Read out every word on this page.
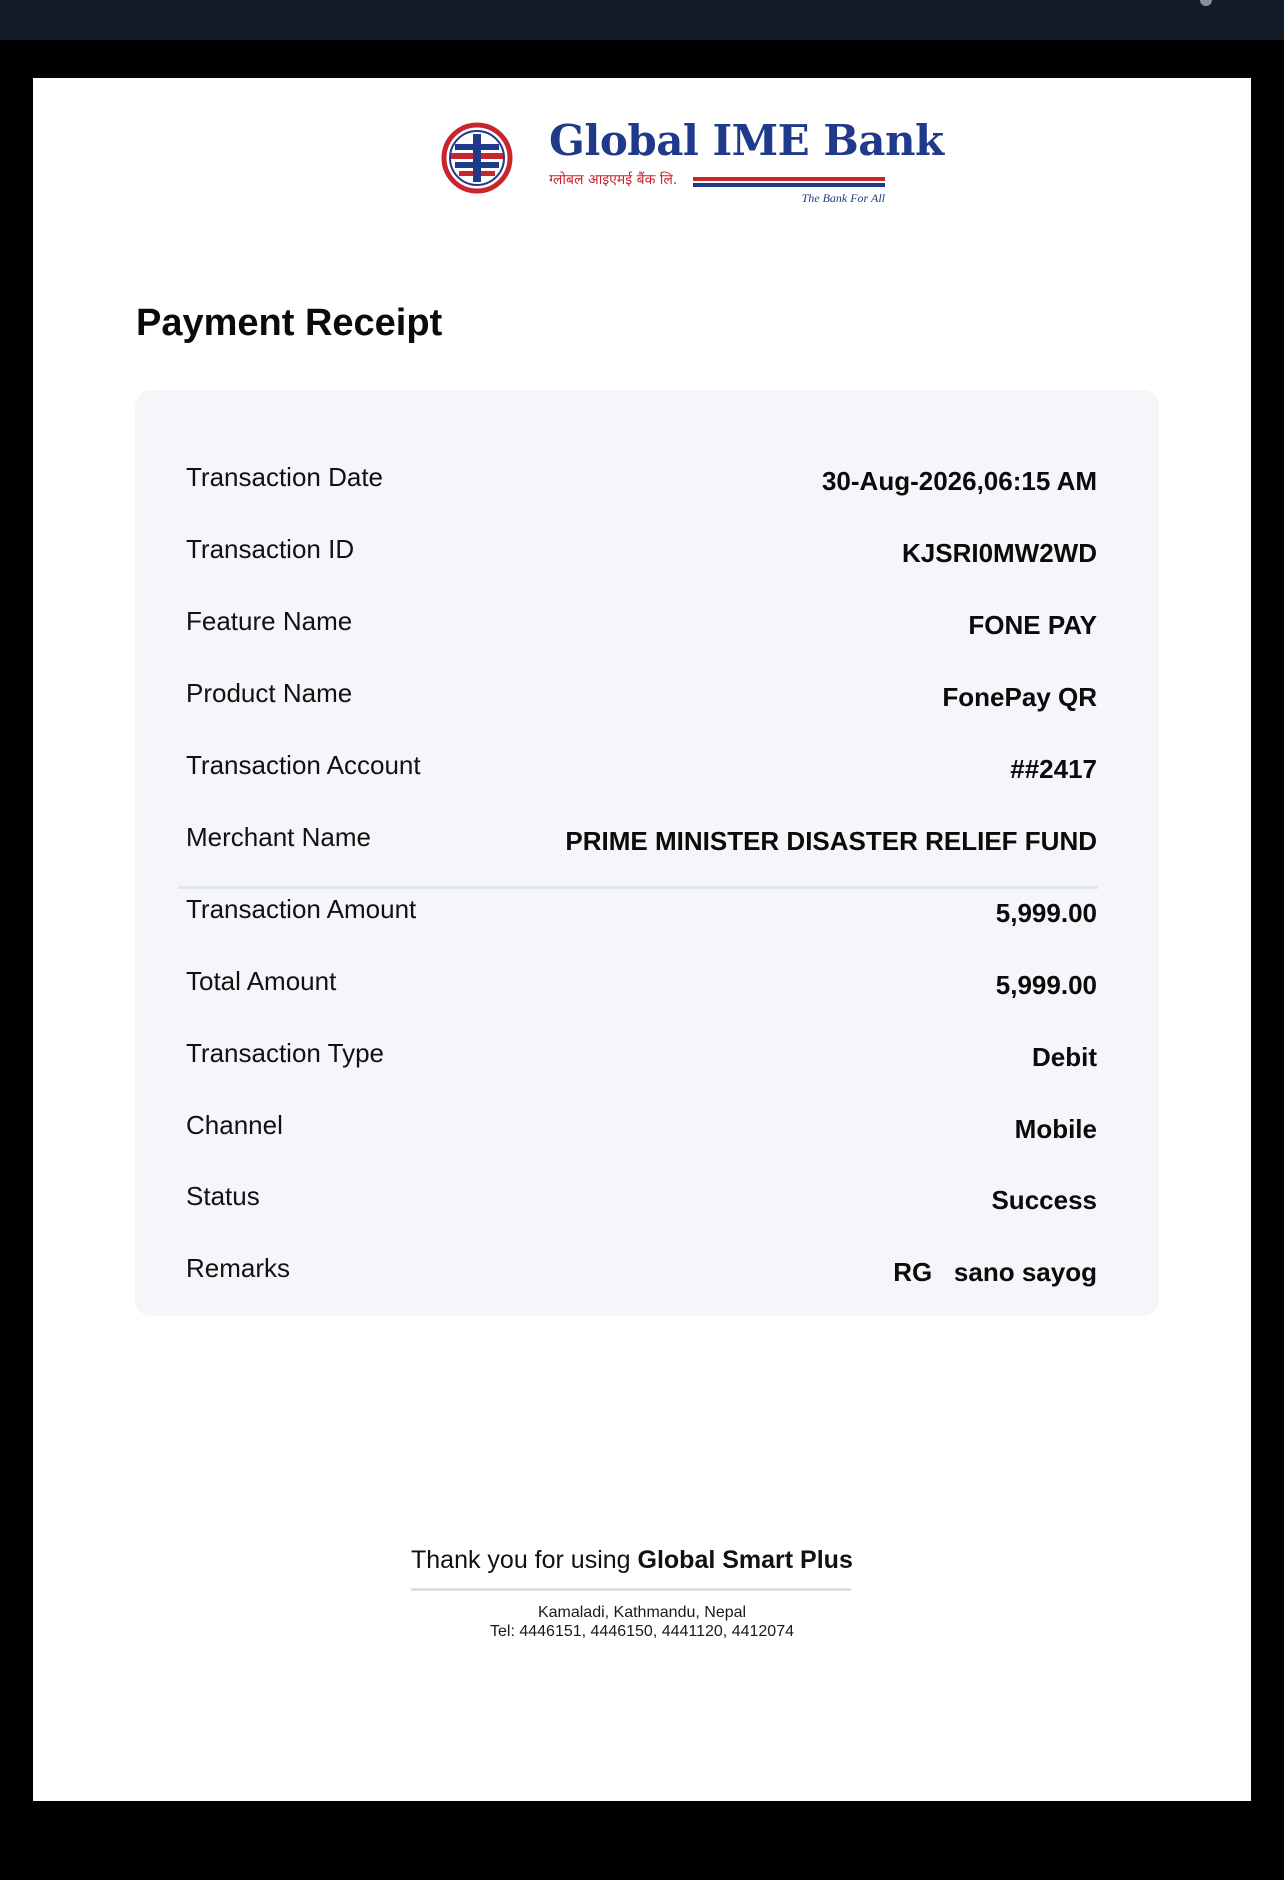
Global IME Bank
ग्लोबल आइएमई बैंक लि.
The Bank For All
Payment Receipt
Transaction Date	30-Aug-2026,06:15 AM
Transaction ID	KJSRI0MW2WD
Feature Name	FONE PAY
Product Name	FonePay QR
Transaction Account	##2417
Merchant Name	PRIME MINISTER DISASTER RELIEF FUND
Transaction Amount	5,999.00
Total Amount	5,999.00
Transaction Type	Debit
Channel	Mobile
Status	Success
Remarks	RG   sano sayog
Thank you for using Global Smart Plus
Kamaladi, Kathmandu, Nepal
Tel: 4446151, 4446150, 4441120, 4412074
